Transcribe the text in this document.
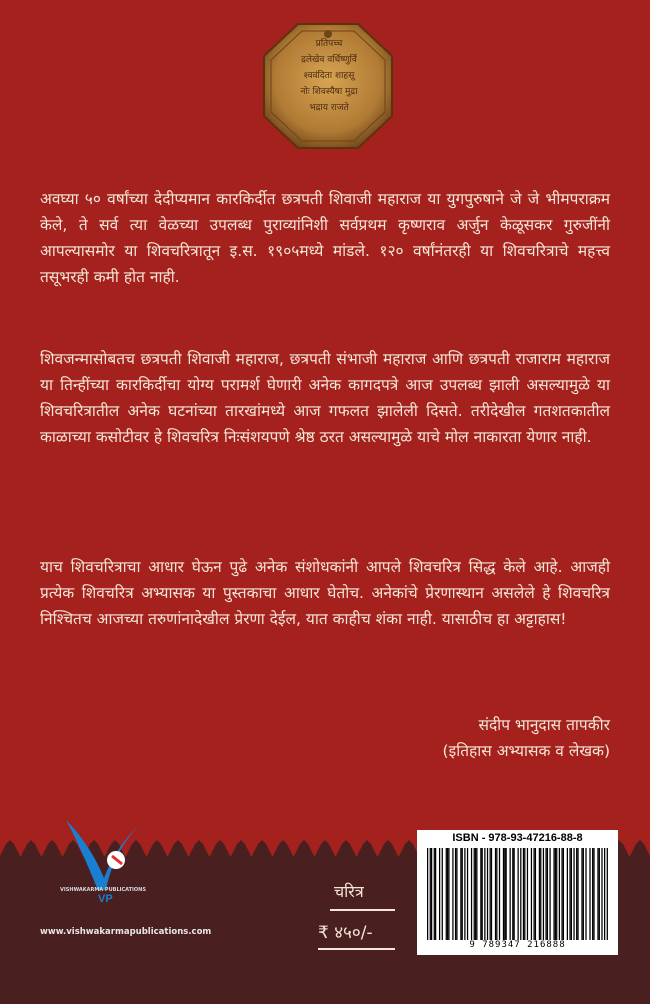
प्रतिपच्च
द्रलेखेव वर्धिष्णुर्वि
श्ववंदिता शाहसू
नोः शिवस्यैषा मुद्रा
भद्राय राजते

अवघ्या ५० वर्षांच्या देदीप्यमान कारकिर्दीत छत्रपती शिवाजी महाराज या युगपुरुषाने जे जे भीमपराक्रम केले, ते सर्व त्या वेळच्या उपलब्ध पुराव्यांनिशी सर्वप्रथम कृष्णराव अर्जुन केळूसकर गुरुजींनी आपल्यासमोर या शिवचरित्रातून इ.स. १९०५मध्ये मांडले. १२० वर्षांनंतरही या शिवचरित्राचे महत्त्व तसूभरही कमी होत नाही.

शिवजन्मासोबतच छत्रपती शिवाजी महाराज, छत्रपती संभाजी महाराज आणि छत्रपती राजाराम महाराज या तिन्हींच्या कारकिर्दीचा योग्य परामर्श घेणारी अनेक कागदपत्रे आज उपलब्ध झाली असल्यामुळे या शिवचरित्रातील अनेक घटनांच्या तारखांमध्ये आज गफलत झालेली दिसते. तरीदेखील गतशतकातील काळाच्या कसोटीवर हे शिवचरित्र निःसंशयपणे श्रेष्ठ ठरत असल्यामुळे याचे मोल नाकारता येणार नाही.

याच शिवचरित्राचा आधार घेऊन पुढे अनेक संशोधकांनी आपले शिवचरित्र सिद्ध केले आहे. आजही प्रत्येक शिवचरित्र अभ्यासक या पुस्तकाचा आधार घेतोच. अनेकांचे प्रेरणास्थान असलेले हे शिवचरित्र निश्चितच आजच्या तरुणांनादेखील प्रेरणा देईल, यात काहीच शंका नाही. यासाठीच हा अट्टाहास!

संदीप भानुदास तापकीर
(इतिहास अभ्यासक व लेखक)
VP
VISHWAKARMA PUBLICATIONS
www.vishwakarmapublications.com
चरित्र
₹ ४५०/-
ISBN - 978-93-47216-88-8
9 789347 216888
